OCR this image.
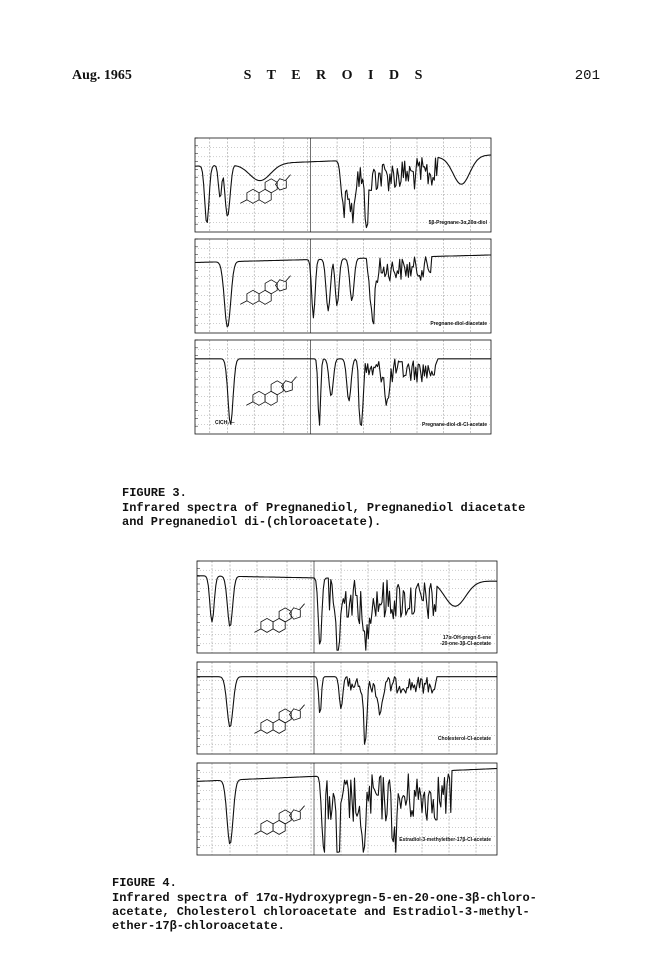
Aug. 1965	S T E R O I D S	201
5β-Pregnane-3α,20α-diol
Pregnane-diol-diacetate
Pregnane-diol-di-Cl-acetate
ClCH₂—
FIGURE 3.
Infrared spectra of Pregnanediol, Pregnanediol diacetate
and Pregnanediol di-(chloroacetate).
17α-OH-pregn-5-ene
-20-one-3β-Cl-acetate
Cholesterol-Cl-acetate
Estradiol-3-methylether-17β-Cl-acetate
FIGURE 4.
Infrared spectra of 17α-Hydroxypregn-5-en-20-one-3β-chloro-
acetate, Cholesterol chloroacetate and Estradiol-3-methyl-
ether-17β-chloroacetate.
